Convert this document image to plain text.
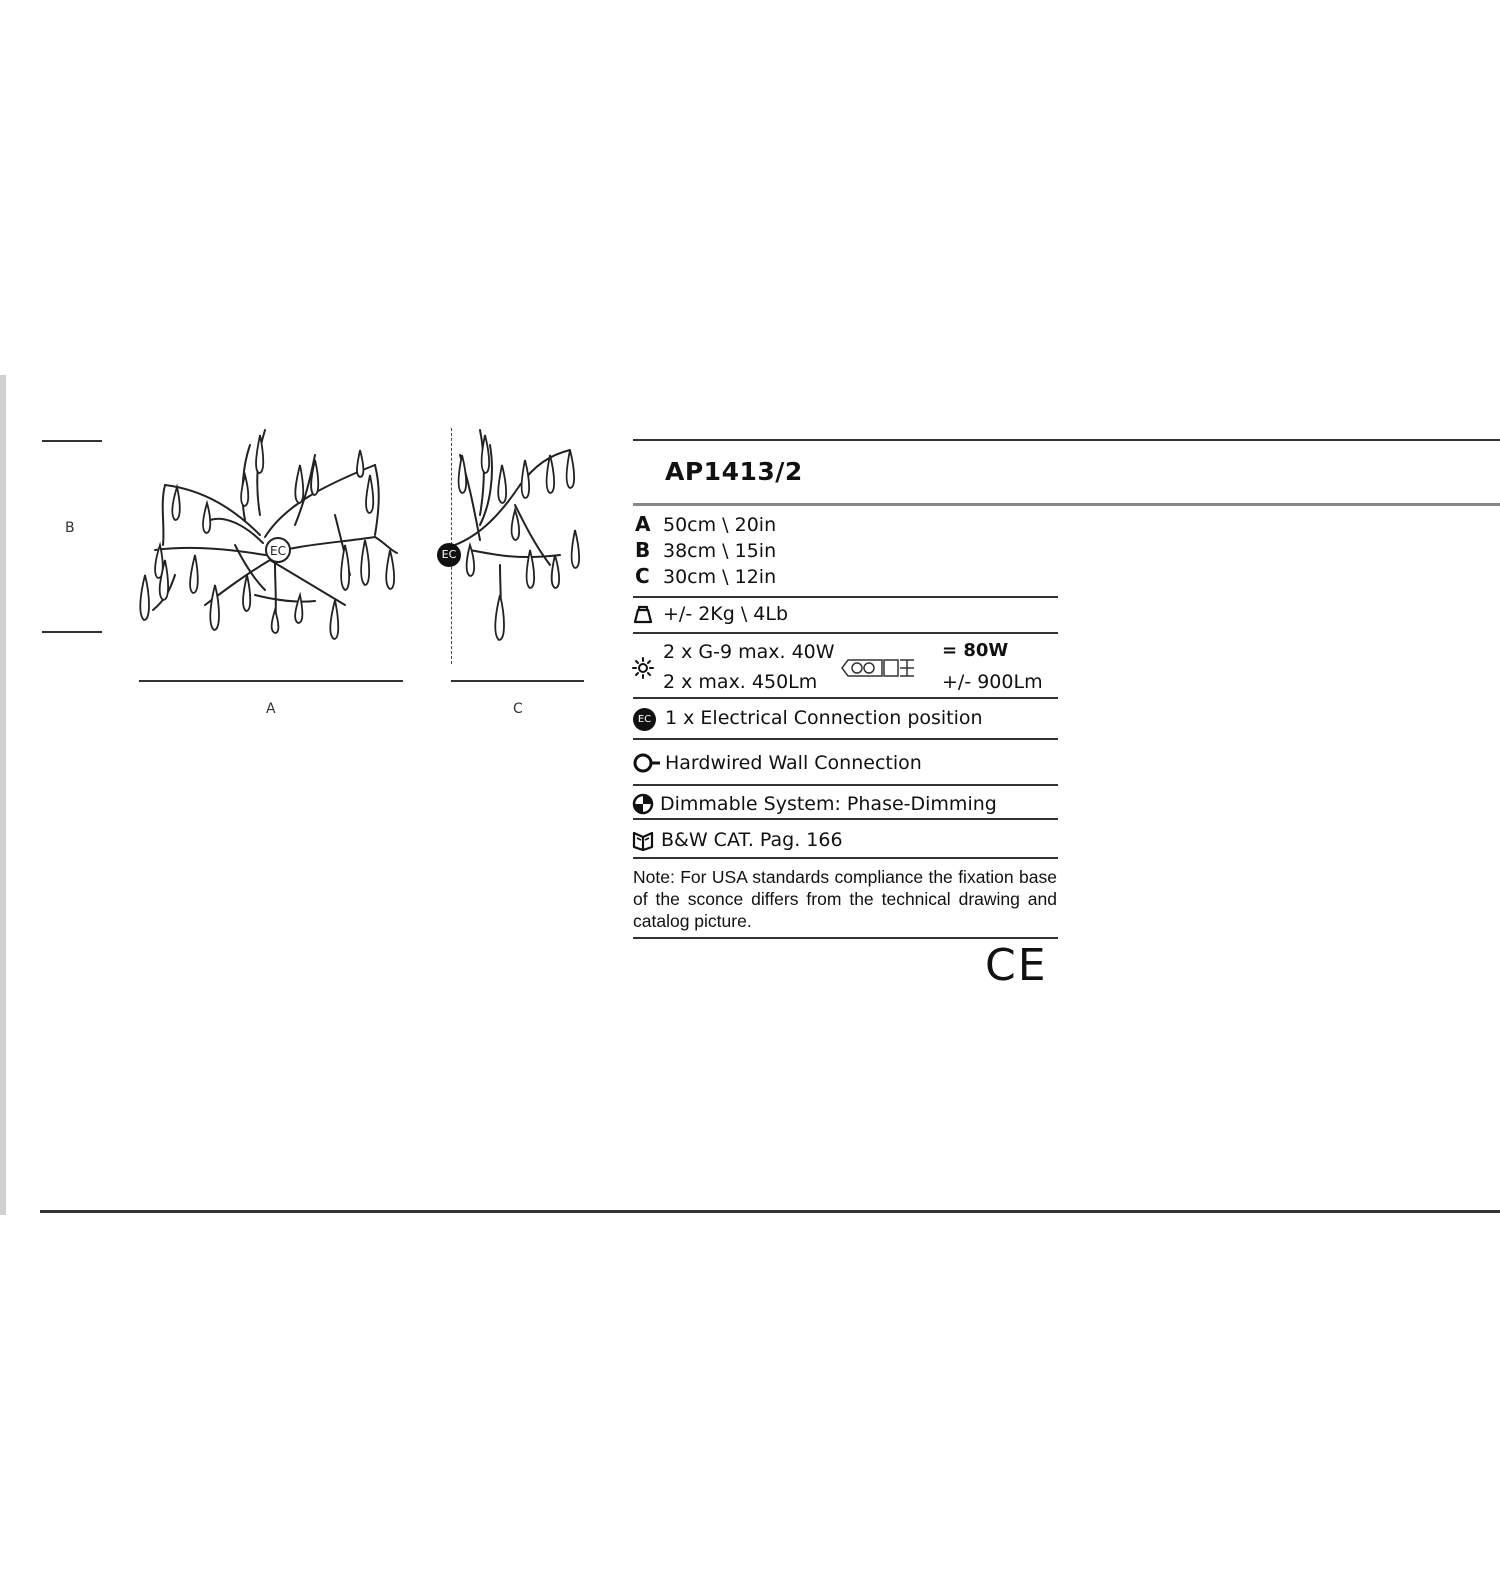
B
EC	EC
A	C
AP1413/2
A 50cm \ 20in
B 38cm \ 15in
C 30cm \ 12in
+/- 2Kg \ 4Lb
2 x G-9 max. 40W
2 x max. 450Lm
= 80W
+/- 900Lm
EC 1 x Electrical Connection position
Hardwired Wall Connection
Dimmable System: Phase-Dimming
B&W CAT. Pag. 166
Note: For USA standards compliance the fixation base of the sconce differs from the technical drawing and catalog picture.
CE
